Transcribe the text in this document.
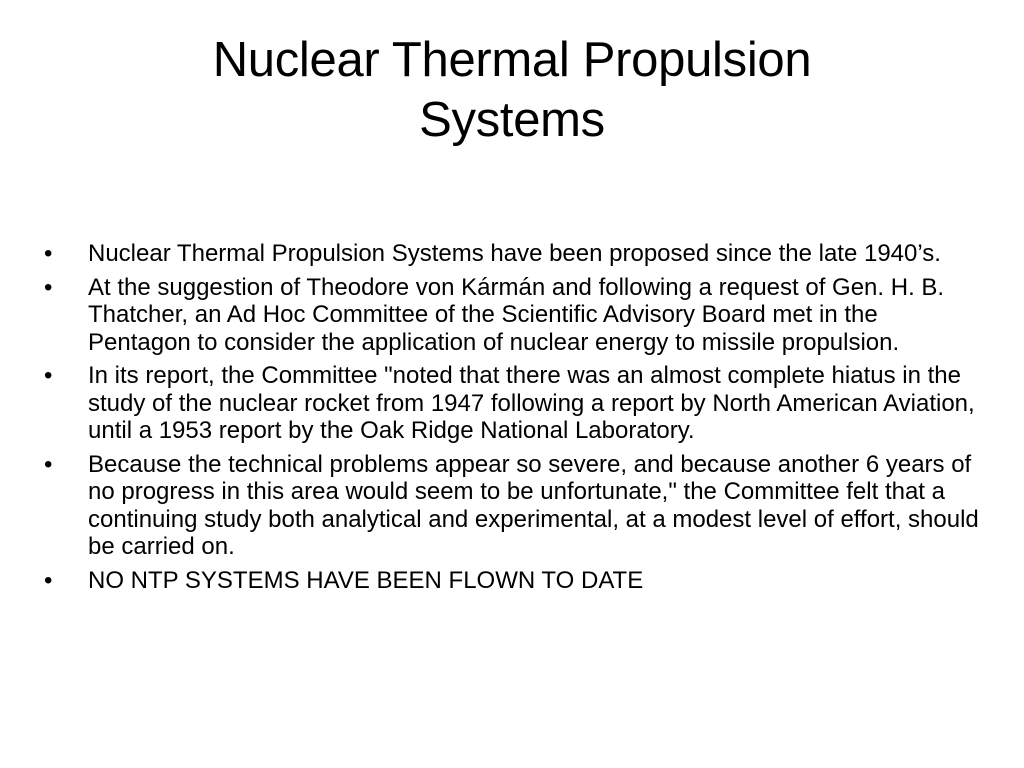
Nuclear Thermal Propulsion
Systems
•	Nuclear Thermal Propulsion Systems have been proposed since the late 1940’s.
•	At the suggestion of Theodore von Kármán and following a request of Gen. H. B. Thatcher, an Ad Hoc Committee of the Scientific Advisory Board met in the Pentagon to consider the application of nuclear energy to missile propulsion.
•	In its report, the Committee "noted that there was an almost complete hiatus in the study of the nuclear rocket from 1947 following a report by North American Aviation, until a 1953 report by the Oak Ridge National Laboratory.
•	Because the technical problems appear so severe, and because another 6 years of no progress in this area would seem to be unfortunate," the Committee felt that a continuing study both analytical and experimental, at a modest level of effort, should be carried on.
•	NO NTP SYSTEMS HAVE BEEN FLOWN TO DATE
